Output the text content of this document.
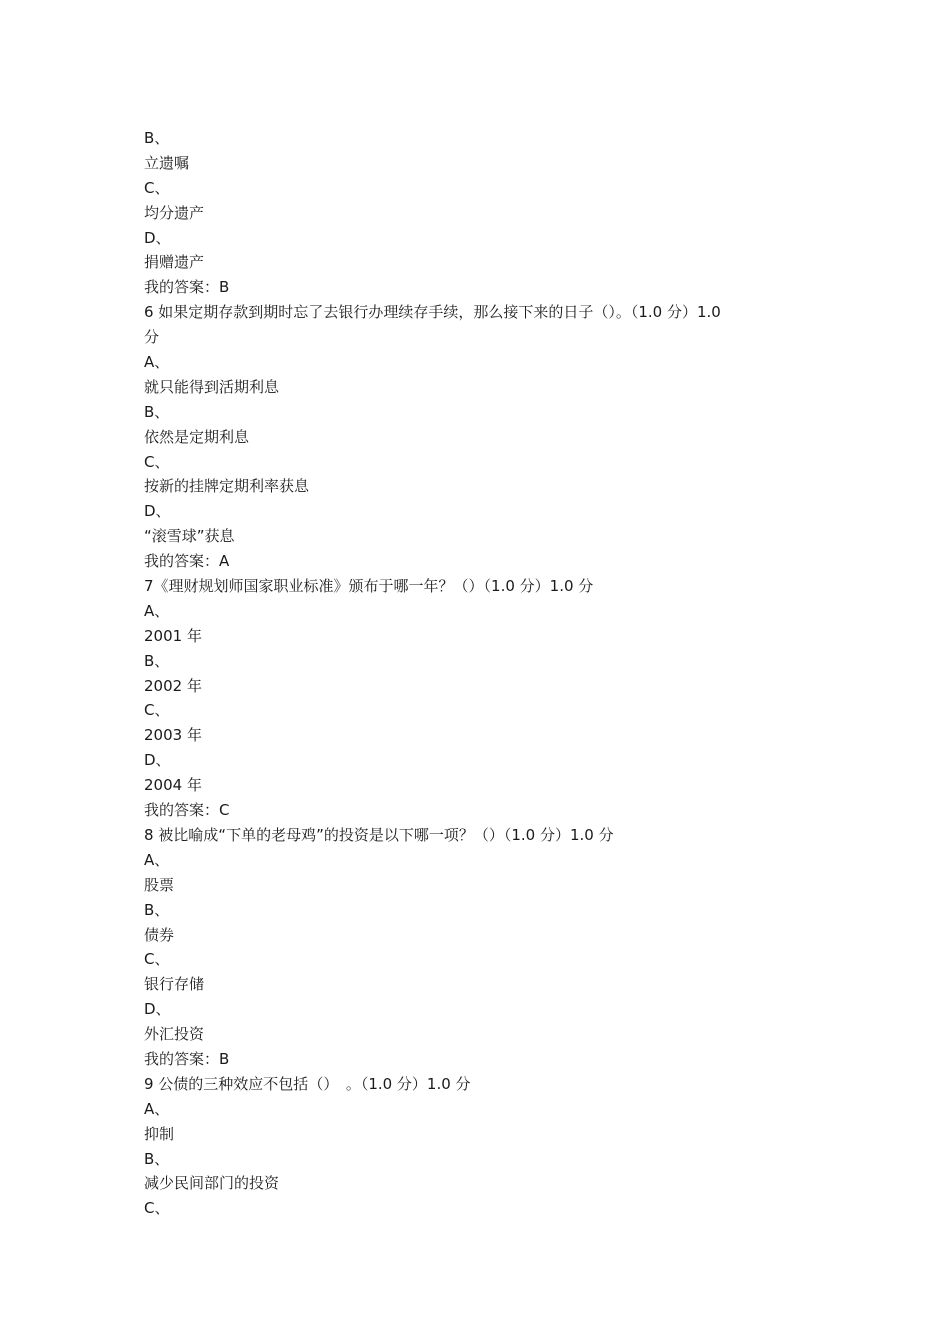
B、
立遗嘱
C、
均分遗产
D、
捐赠遗产
我的答案：B
6 如果定期存款到期时忘了去银行办理续存手续，那么接下来的日子（）。（1.0 分）1.0
分
A、
就只能得到活期利息
B、
依然是定期利息
C、
按新的挂牌定期利率获息
D、
“滚雪球”获息
我的答案：A
7《理财规划师国家职业标准》颁布于哪一年？（）（1.0 分）1.0 分
A、
2001 年
B、
2002 年
C、
2003 年
D、
2004 年
我的答案：C
8 被比喻成“下单的老母鸡”的投资是以下哪一项？（）（1.0 分）1.0 分
A、
股票
B、
债券
C、
银行存储
D、
外汇投资
我的答案：B
9 公债的三种效应不包括（）　。（1.0 分）1.0 分
A、
抑制
B、
减少民间部门的投资
C、
